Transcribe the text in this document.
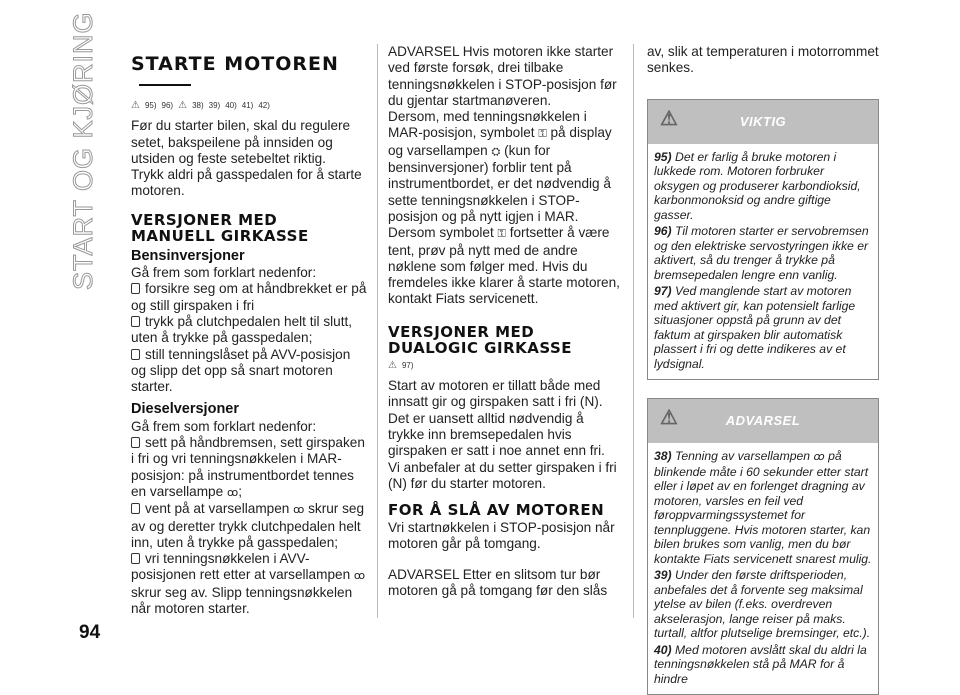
START OG KJØRING
94
STARTE MOTOREN
⚠ 95) 96) ⚠ 38) 39) 40) 41) 42)

Før du starter bilen, skal du regulere setet, bakspeilene på innsiden og utsiden og feste setebeltet riktig.

Trykk aldri på gasspedalen for å starte motoren.

VERSJONER MED MANUELL GIRKASSE
Bensinversjoner

Gå frem som forklart nedenfor:

forsikre seg om at håndbrekket er på og still girspaken i fri

trykk på clutchpedalen helt til slutt, uten å trykke på gasspedalen;

still tenningslåset på AVV-posisjon og slipp det opp så snart motoren starter.

Dieselversjoner

Gå frem som forklart nedenfor:

sett på håndbremsen, sett girspaken i fri og vri tenningsnøkkelen i MAR-posisjon: på instrumentbordet tennes en varsellampe ꝏ;

vent på at varsellampen ꝏ skrur seg av og deretter trykk clutchpedalen helt inn, uten å trykke på gasspedalen;

vri tenningsnøkkelen i AVV-posisjonen rett etter at varsellampen ꝏ skrur seg av. Slipp tenningsnøkkelen når motoren starter.

ADVARSEL Hvis motoren ikke starter ved første forsøk, drei tilbake tenningsnøkkelen i STOP-posisjon før du gjentar startmanøveren.

Dersom, med tenningsnøkkelen i MAR-posisjon, symbolet ⚿ på display og varsellampen ⛭ (kun for bensinversjoner) forblir tent på instrumentbordet, er det nødvendig å sette tenningsnøkkelen i STOP-posisjon og på nytt igjen i MAR.

Dersom symbolet ⚿ fortsetter å være tent, prøv på nytt med de andre nøklene som følger med. Hvis du fremdeles ikke klarer å starte motoren, kontakt Fiats servicenett.

VERSJONER MED DUALOGIC GIRKASSE
⚠ 97)

Start av motoren er tillatt både med innsatt gir og girspaken satt i fri (N).

Det er uansett alltid nødvendig å trykke inn bremsepedalen hvis girspaken er satt i noe annet enn fri. Vi anbefaler at du setter girspaken i fri (N) før du starter motoren.

FOR Å SLÅ AV MOTOREN

Vri startnøkkelen i STOP-posisjon når motoren går på tomgang.

ADVARSEL Etter en slitsom tur bør motoren gå på tomgang før den slås

av, slik at temperaturen i motorrommet senkes.

⚠	VIKTIG
95) Det er farlig å bruke motoren i lukkede rom. Motoren forbruker oksygen og produserer karbondioksid, karbonmonoksid og andre giftige gasser.
96) Til motoren starter er servobremsen og den elektriske servostyringen ikke er aktivert, så du trenger å trykke på bremsepedalen lengre enn vanlig.
97) Ved manglende start av motoren med aktivert gir, kan potensielt farlige situasjoner oppstå på grunn av det faktum at girspaken blir automatisk plassert i fri og dette indikeres av et lydsignal.
⚠	ADVARSEL
38) Tenning av varsellampen ꝏ på blinkende måte i 60 sekunder etter start eller i løpet av en forlenget dragning av motoren, varsles en feil ved føroppvarmingssystemet for tennpluggene. Hvis motoren starter, kan bilen brukes som vanlig, men du bør kontakte Fiats servicenett snarest mulig.
39) Under den første driftsperioden, anbefales det å forvente seg maksimal ytelse av bilen (f.eks. overdreven akselerasjon, lange reiser på maks. turtall, altfor plutselige bremsinger, etc.).
40) Med motoren avslått skal du aldri la tenningsnøkkelen stå på MAR for å hindre
